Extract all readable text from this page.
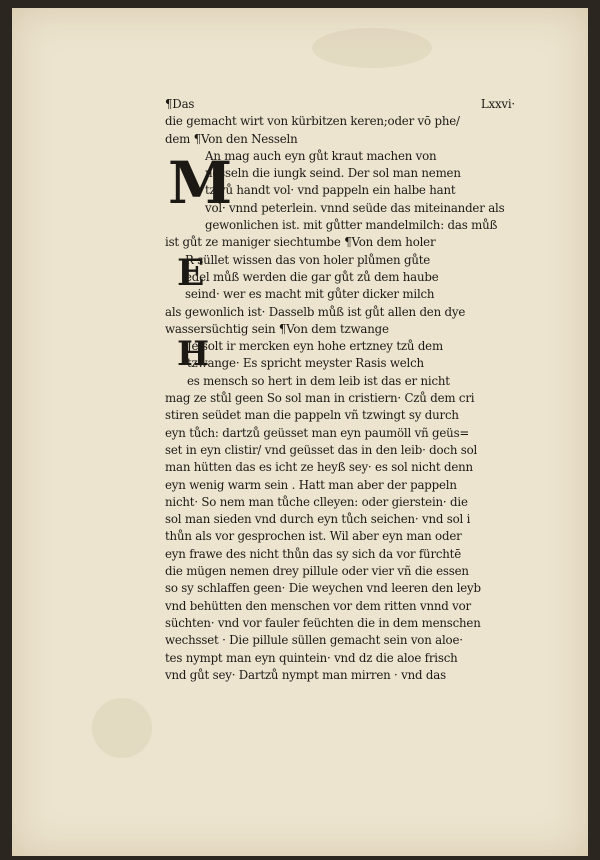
M
E
H
¶Das	Lxxvi·
die gemacht wirt von kürbitzen keren;oder vō phe/
dem ¶Von den Nesseln
An mag auch eyn gůt kraut machen von
nesseln die iungk seind. Der sol man nemen
tzwů handt vol· vnd pappeln ein halbe hant
vol· vnnd peterlein. vnnd seüde das miteinander als
gewonlichen ist. mit gůtter mandelmilch: das můß
ist gůt ze maniger siechtumbe ¶Von dem holer
R süllet wissen das von holer plůmen gůte
edel můß werden die gar gůt zů dem haube
seind· wer es macht mit gůter dicker milch
als gewonlich ist· Dasselb můß ist gůt allen den dye
wassersüchtig sein ¶Von dem tzwange
Je solt ir mercken eyn hohe ertzney tzů dem
tzwange· Es spricht meyster Rasis welch
es mensch so hert in dem leib ist das er nicht
mag ze stůl geen So sol man in cristiern· Czů dem cri
stiren seüdet man die pappeln vñ tzwingt sy durch
eyn tůch: dartzů geüsset man eyn paumöll vñ geüs=
set in eyn clistir/ vnd geüsset das in den leib· doch sol
man hütten das es icht ze heyß sey· es sol nicht denn
eyn wenig warm sein . Hatt man aber der pappeln
nicht· So nem man tůche clleyen: oder gierstein· die
sol man sieden vnd durch eyn tůch seichen· vnd sol i
thůn als vor gesprochen ist. Wil aber eyn man oder
eyn frawe des nicht thůn das sy sich da vor fürchtē
die mügen nemen drey pillule oder vier vñ die essen
so sy schlaffen geen· Die weychen vnd leeren den leyb
vnd behütten den menschen vor dem ritten vnnd vor
süchten· vnd vor fauler feüchten die in dem menschen
wechsset · Die pillule süllen gemacht sein von aloe·
tes nympt man eyn quintein· vnd dz die aloe frisch
vnd gůt sey· Dartzů nympt man mirren · vnd das
